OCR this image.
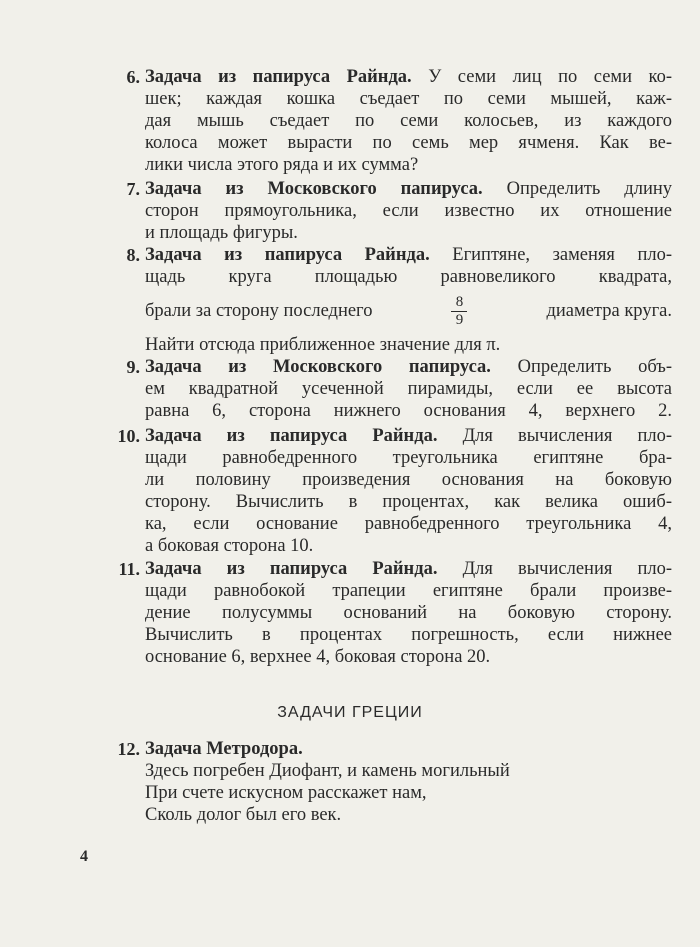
6. Задача из папируса Райнда. У семи лиц по семи ко-
шек; каждая кошка съедает по семи мышей, каж-
дая мышь съедает по семи колосьев, из каждого
колоса может вырасти по семь мер ячменя. Как ве-
лики числа этого ряда и их сумма?
7. Задача из Московского папируса. Определить длину
сторон прямоугольника, если известно их отношение
и площадь фигуры.
8. Задача из папируса Райнда. Египтяне, заменяя пло-
щадь круга площадью равновеликого квадрата,
брали за сторону последнего	$\frac{8}{9}$	диаметра круга.
Найти отсюда приближенное значение для π.
9. Задача из Московского папируса. Определить объ-
ем квадратной усеченной пирамиды, если ее высота
равна 6, сторона нижнего основания 4, верхнего 2.
10. Задача из папируса Райнда. Для вычисления пло-
щади равнобедренного треугольника египтяне бра-
ли половину произведения основания на боковую
сторону. Вычислить в процентах, как велика ошиб-
ка, если основание равнобедренного треугольника 4,
а боковая сторона 10.
11. Задача из папируса Райнда. Для вычисления пло-
щади равнобокой трапеции египтяне брали произве-
дение полусуммы оснований на боковую сторону.
Вычислить в процентах погрешность, если нижнее
основание 6, верхнее 4, боковая сторона 20.
ЗАДАЧИ ГРЕЦИИ
12. Задача Метродора.
Здесь погребен Диофант, и камень могильный
При счете искусном расскажет нам,
Сколь долог был его век.
4
